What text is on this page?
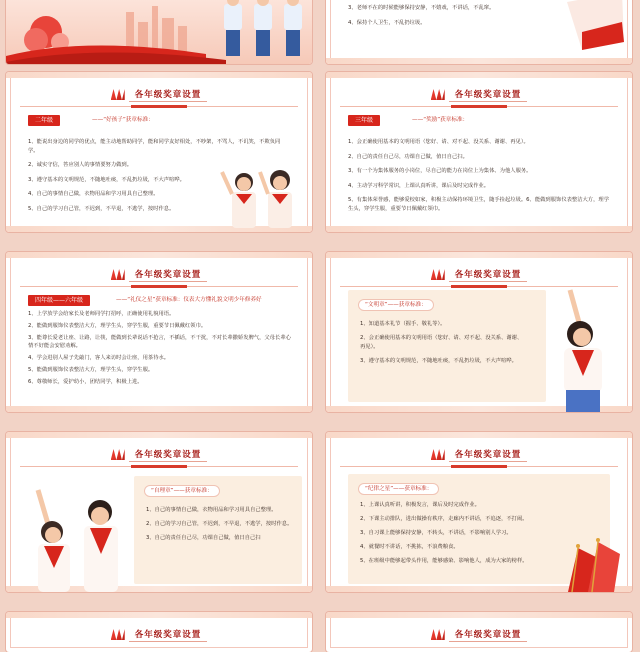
3、老师不在的时候能够保持安静，不嬉戏，不讲话，不乱窜。

4、保持个人卫生，不乱扔垃圾。

各年级奖章设置
二年级	——“好孩子”获章标准：

1、能说出身边的同学的优点，能主动地帮助同学，能和同学友好相处，不吵架，不骂人，不讥笑，不欺负同学。

2、诚实守信，答应别人的事情要努力做到。

3、遵守基本的文明规范，不随地吐痰，不乱扔垃圾，不大声喧哗。

4、自己的事情自己做，衣物用品和学习用具自己整理。

5、自己的学习自己管，不迟到，不早退，不逃学，按时作息。

各年级奖章设置
三年级	——“奖励”获章标准：

1、会正确使用基本的文明用语（您好、请、对不起、没关系、谢谢、再见）。

2、自己的责任自己尽，功课自己做，值日自己扫。

3、有一个为集体服务的小岗位，尽自己的能力在岗位上为集体、为他人服务。

4、主动学习科学常识，上课认真听讲，课后及时完成作业。

5、有集体荣誉感，能够爱校如家，积极主动保持环境卫生，随手捡起垃圾。6、能做到服饰仪表整洁大方，理学生头，穿学生服，重要节日佩戴红领巾。

各年级奖章设置
四年级——六年级	——“礼仪之星”获章标准：仪表大方懂礼貌文明少年修养好

1、上学放学会给家长及老师同学打招呼，正确使用礼貌用语。

2、能做到服饰仪表整洁大方，理学生头，穿学生服，重要节日佩戴红领巾。

3、能尊长爱老让座、让路，让筷，能做到长辈说话不抢言，不插话，不干扰，不对长辈撒娇发脾气，父母长辈心情不好能会安慰劝解。

4、学会进别人屋子先敲门，客人来访时会让座，用茶待水。

5、能做到服饰仪表整洁大方，理学生头，穿学生服。

6、尊敬师长，爱护幼小，团结同学，积极上进。

各年级奖章设置
“文明章”——获章标准：

1、知道基本礼节（握手、敬礼等）。

2、会正确使用基本的文明用语（您好、请、对不起、没关系、谢谢、再见）。

3、遵守基本的文明规范，不随地吐痰，不乱扔垃圾，不大声喧哗。

各年级奖章设置
“自理章”——获章标准：

1、自己的事情自己做，衣物用品和学习用具自己整理。

2、自己的学习自己管，不迟到，不早退，不逃学，按时作息。

3、自己的责任自己尽，功课自己做，值日自己扫

各年级奖章设置
“纪律之星”——获章标准：

1、上课认真听讲，积极发言，课后及时完成作业。

2、下课主动排队，进出做操有秩序，走廊内不讲话，不追逐，不打闹。

3、自习课上能够保持安静，不转头，不讲话，不影响别人学习。

4、就餐时不讲话，不挑拣，不浪费粮食。

5、在班级中能够起带头作用，能够感染、影响他人，成为大家的榜样。

各年级奖章设置	各年级奖章设置
